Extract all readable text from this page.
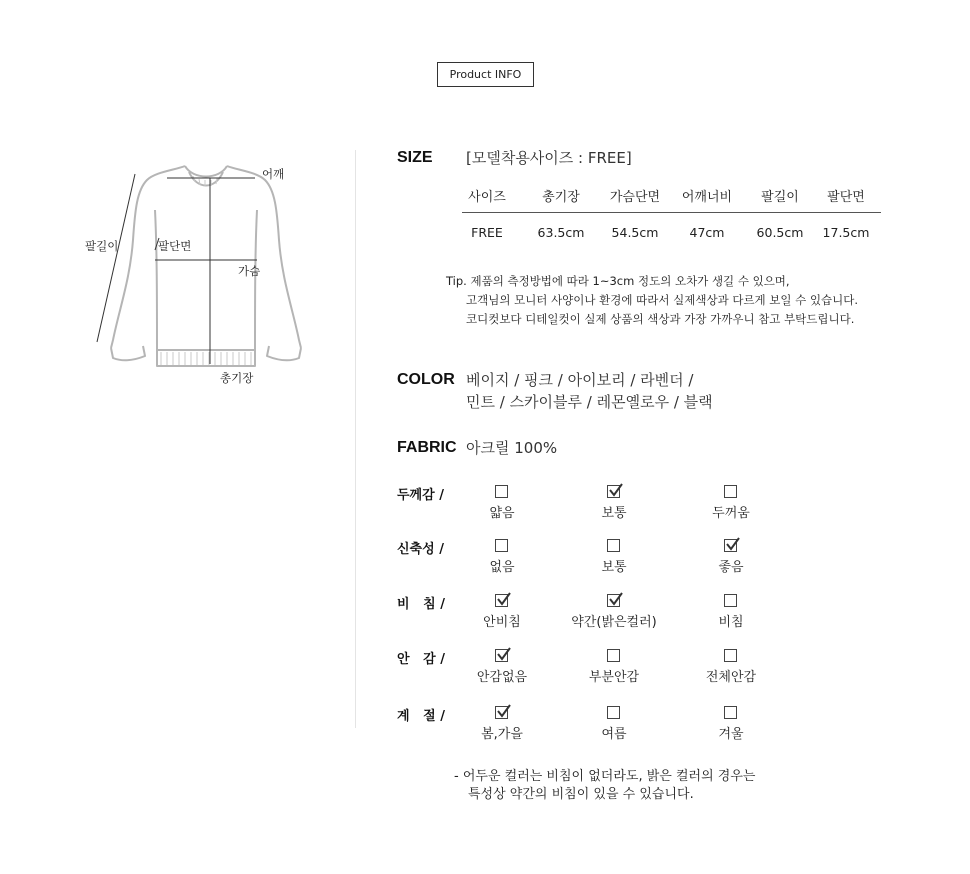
Product INFO
어깨
팔길이	팔단면
가슴
총기장
SIZE [모델착용사이즈 : FREE]
사이즈	총기장	가슴단면	어깨너비	팔길이	팔단면
FREE	63.5cm	54.5cm	47cm	60.5cm	17.5cm
Tip. 제품의 측정방법에 따라 1~3cm 정도의 오차가 생길 수 있으며,
고객님의 모니터 사양이나 환경에 따라서 실제색상과 다르게 보일 수 있습니다.
코디컷보다 디테일컷이 실제 상품의 색상과 가장 가까우니 참고 부탁드립니다.
COLOR 베이지 / 핑크 / 아이보리 / 라벤더 /
민트 / 스카이블루 / 레몬옐로우 / 블랙
FABRIC 아크릴 100%
두께감 /
얇음	보통	두꺼움
신축성 /
없음	보통	좋음
비   침 /
안비침	약간(밝은컬러)	비침
안   감 /
안감없음	부분안감	전체안감
계   절 /
봄,가을	여름	겨울
- 어두운 컬러는 비침이 없더라도, 밝은 컬러의 경우는
특성상 약간의 비침이 있을 수 있습니다.
